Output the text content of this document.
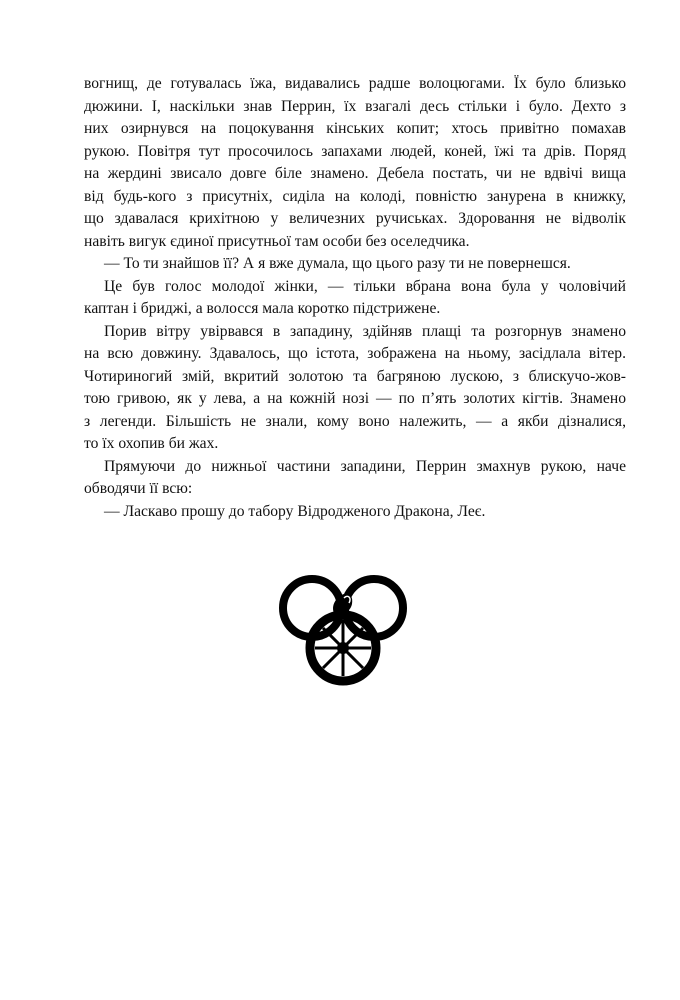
вогнищ, де готувалась їжа, видавались радше волоцюгами. Їх було близько
дюжини. І, наскільки знав Перрин, їх взагалі десь стільки і було. Дехто з
них озирнувся на поцокування кінських копит; хтось привітно помахав
рукою. Повітря тут просочилось запахами людей, коней, їжі та дрів. Поряд
на жердині звисало довге біле знамено. Дебела постать, чи не вдвічі вища
від будь-кого з присутніх, сиділа на колоді, повністю занурена в книжку,
що здавалася крихітною у величезних ручиськах. Здоровання не відволік
навіть вигук єдиної присутньої там особи без оселедчика.
— То ти знайшов її? А я вже думала, що цього разу ти не повернешся.
Це був голос молодої жінки, — тільки вбрана вона була у чоловічий
каптан і бриджі, а волосся мала коротко підстрижене.
Порив вітру увірвався в западину, здійняв плащі та розгорнув знамено
на всю довжину. Здавалось, що істота, зображена на ньому, засідлала вітер.
Чотириногий змій, вкритий золотою та багряною лускою, з блискучо-жов-
тою гривою, як у лева, а на кожній нозі — по п’ять золотих кігтів. Знамено
з легенди. Більшість не знали, кому воно належить, — а якби дізналися,
то їх охопив би жах.
Прямуючи до нижньої частини западини, Перрин змахнув рукою, наче
обводячи її всю:
— Ласкаво прошу до табору Відродженого Дракона, Леє.
